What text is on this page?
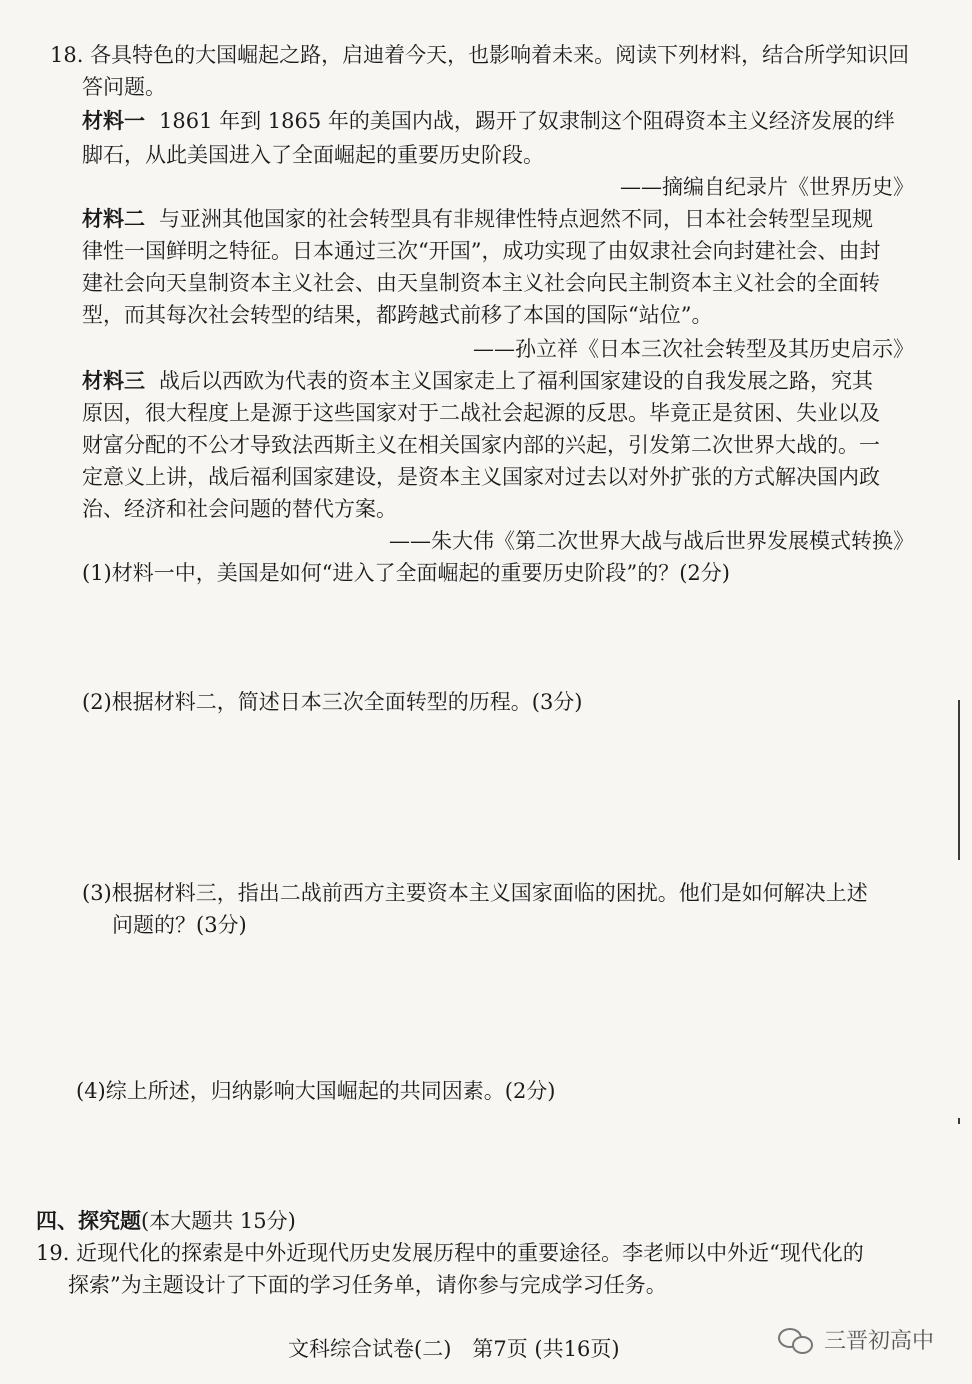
18. 各具特色的大国崛起之路，启迪着今天，也影响着未来。阅读下列材料，结合所学知识回
答问题。
材料一 1861 年到 1865 年的美国内战，踢开了奴隶制这个阻碍资本主义经济发展的绊
脚石，从此美国进入了全面崛起的重要历史阶段。
——摘编自纪录片《世界历史》
材料二 与亚洲其他国家的社会转型具有非规律性特点迥然不同，日本社会转型呈现规
律性一国鲜明之特征。日本通过三次“开国”，成功实现了由奴隶社会向封建社会、由封
建社会向天皇制资本主义社会、由天皇制资本主义社会向民主制资本主义社会的全面转
型，而其每次社会转型的结果，都跨越式前移了本国的国际“站位”。
——孙立祥《日本三次社会转型及其历史启示》
材料三 战后以西欧为代表的资本主义国家走上了福利国家建设的自我发展之路，究其
原因，很大程度上是源于这些国家对于二战社会起源的反思。毕竟正是贫困、失业以及
财富分配的不公才导致法西斯主义在相关国家内部的兴起，引发第二次世界大战的。一
定意义上讲，战后福利国家建设，是资本主义国家对过去以对外扩张的方式解决国内政
治、经济和社会问题的替代方案。
——朱大伟《第二次世界大战与战后世界发展模式转换》
(1)材料一中，美国是如何“进入了全面崛起的重要历史阶段”的？(2分)
(2)根据材料二，简述日本三次全面转型的历程。(3分)
(3)根据材料三，指出二战前西方主要资本主义国家面临的困扰。他们是如何解决上述
问题的？(3分)
(4)综上所述，归纳影响大国崛起的共同因素。(2分)
四、探究题(本大题共 15分)
19. 近现代化的探索是中外近现代历史发展历程中的重要途径。李老师以中外近“现代化的
探索”为主题设计了下面的学习任务单，请你参与完成学习任务。
文科综合试卷(二)　第7页 (共16页)	三晋初高中
